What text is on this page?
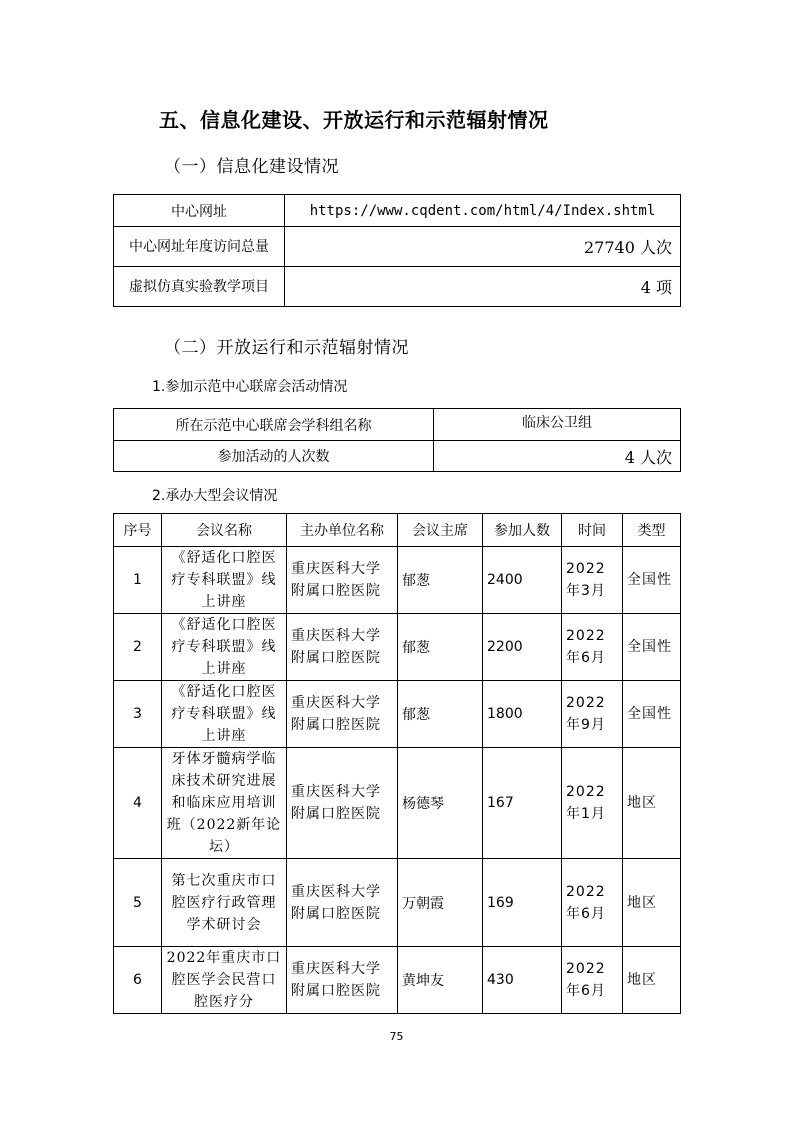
五、信息化建设、开放运行和示范辐射情况
（一）信息化建设情况
中心网址	https://www.cqdent.com/html/4/Index.shtml
中心网址年度访问总量	27740 人次
虚拟仿真实验教学项目	4 项
（二）开放运行和示范辐射情况
1.参加示范中心联席会活动情况
所在示范中心联席会学科组名称	临床公卫组
参加活动的人次数	4 人次
2.承办大型会议情况
序号	会议名称	主办单位名称	会议主席	参加人数	时间	类型
1	《舒适化口腔医疗专科联盟》线上讲座	重庆医科大学附属口腔医院	郁葱	2400	2022年3月	全国性
2	《舒适化口腔医疗专科联盟》线上讲座	重庆医科大学附属口腔医院	郁葱	2200	2022年6月	全国性
3	《舒适化口腔医疗专科联盟》线上讲座	重庆医科大学附属口腔医院	郁葱	1800	2022年9月	全国性
4	牙体牙髓病学临床技术研究进展和临床应用培训班（2022新年论坛）	重庆医科大学附属口腔医院	杨德琴	167	2022年1月	地区
5	第七次重庆市口腔医疗行政管理学术研讨会	重庆医科大学附属口腔医院	万朝霞	169	2022年6月	地区
6	2022年重庆市口腔医学会民营口腔医疗分	重庆医科大学附属口腔医院	黄坤友	430	2022年6月	地区
75
